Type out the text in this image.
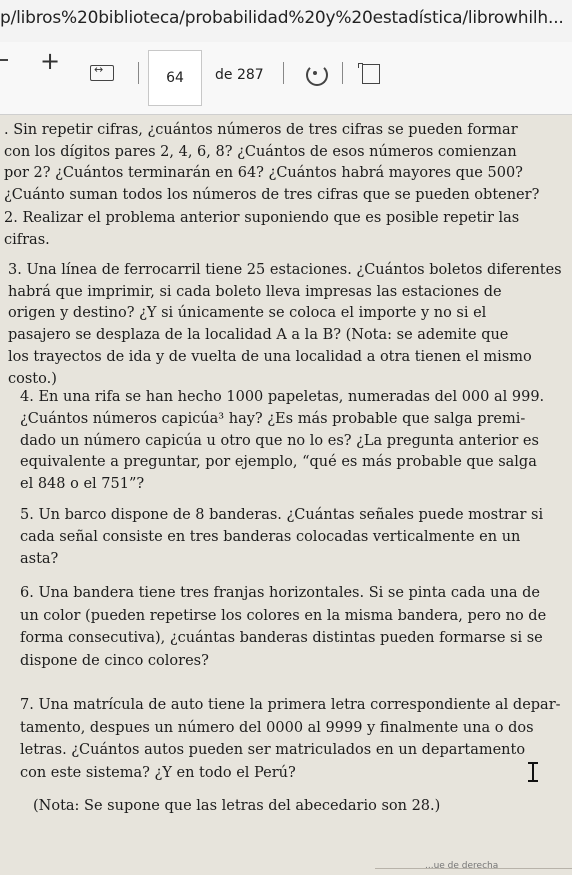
p/libros%20biblioteca/probabilidad%20y%20estadística/librowhilh...
+
↔
64	de 287
. Sin repetir cifras, ¿cuántos números de tres cifras se pueden formar
con los dígitos pares 2, 4, 6, 8? ¿Cuántos de esos números comienzan
por 2? ¿Cuántos terminarán en 64? ¿Cuántos habrá mayores que 500?
¿Cuánto suman todos los números de tres cifras que se pueden obtener?
2. Realizar el problema anterior suponiendo que es posible repetir las
cifras.
3. Una línea de ferrocarril tiene 25 estaciones. ¿Cuántos boletos diferentes
habrá que imprimir, si cada boleto lleva impresas las estaciones de
origen y destino? ¿Y si únicamente se coloca el importe y no si el
pasajero se desplaza de la localidad A a la B? (Nota: se ademite que
los trayectos de ida y de vuelta de una localidad a otra tienen el mismo
costo.)
4. En una rifa se han hecho 1000 papeletas, numeradas del 000 al 999.
¿Cuántos números capicúa³ hay? ¿Es más probable que salga premi-
dado un número capicúa u otro que no lo es? ¿La pregunta anterior es
equivalente a preguntar, por ejemplo, “qué es más probable que salga
el 848 o el 751”?
5. Un barco dispone de 8 banderas. ¿Cuántas señales puede mostrar si
cada señal consiste en tres banderas colocadas verticalmente en un
asta?
6. Una bandera tiene tres franjas horizontales. Si se pinta cada una de
un color (pueden repetirse los colores en la misma bandera, pero no de
forma consecutiva), ¿cuántas banderas distintas pueden formarse si se
dispone de cinco colores?
7. Una matrícula de auto tiene la primera letra correspondiente al depar-
tamento, despues un número del 0000 al 9999 y finalmente una o dos
letras. ¿Cuántos autos pueden ser matriculados en un departamento
con este sistema? ¿Y en todo el Perú?
(Nota: Se supone que las letras del abecedario son 28.)
...ue de derecha
